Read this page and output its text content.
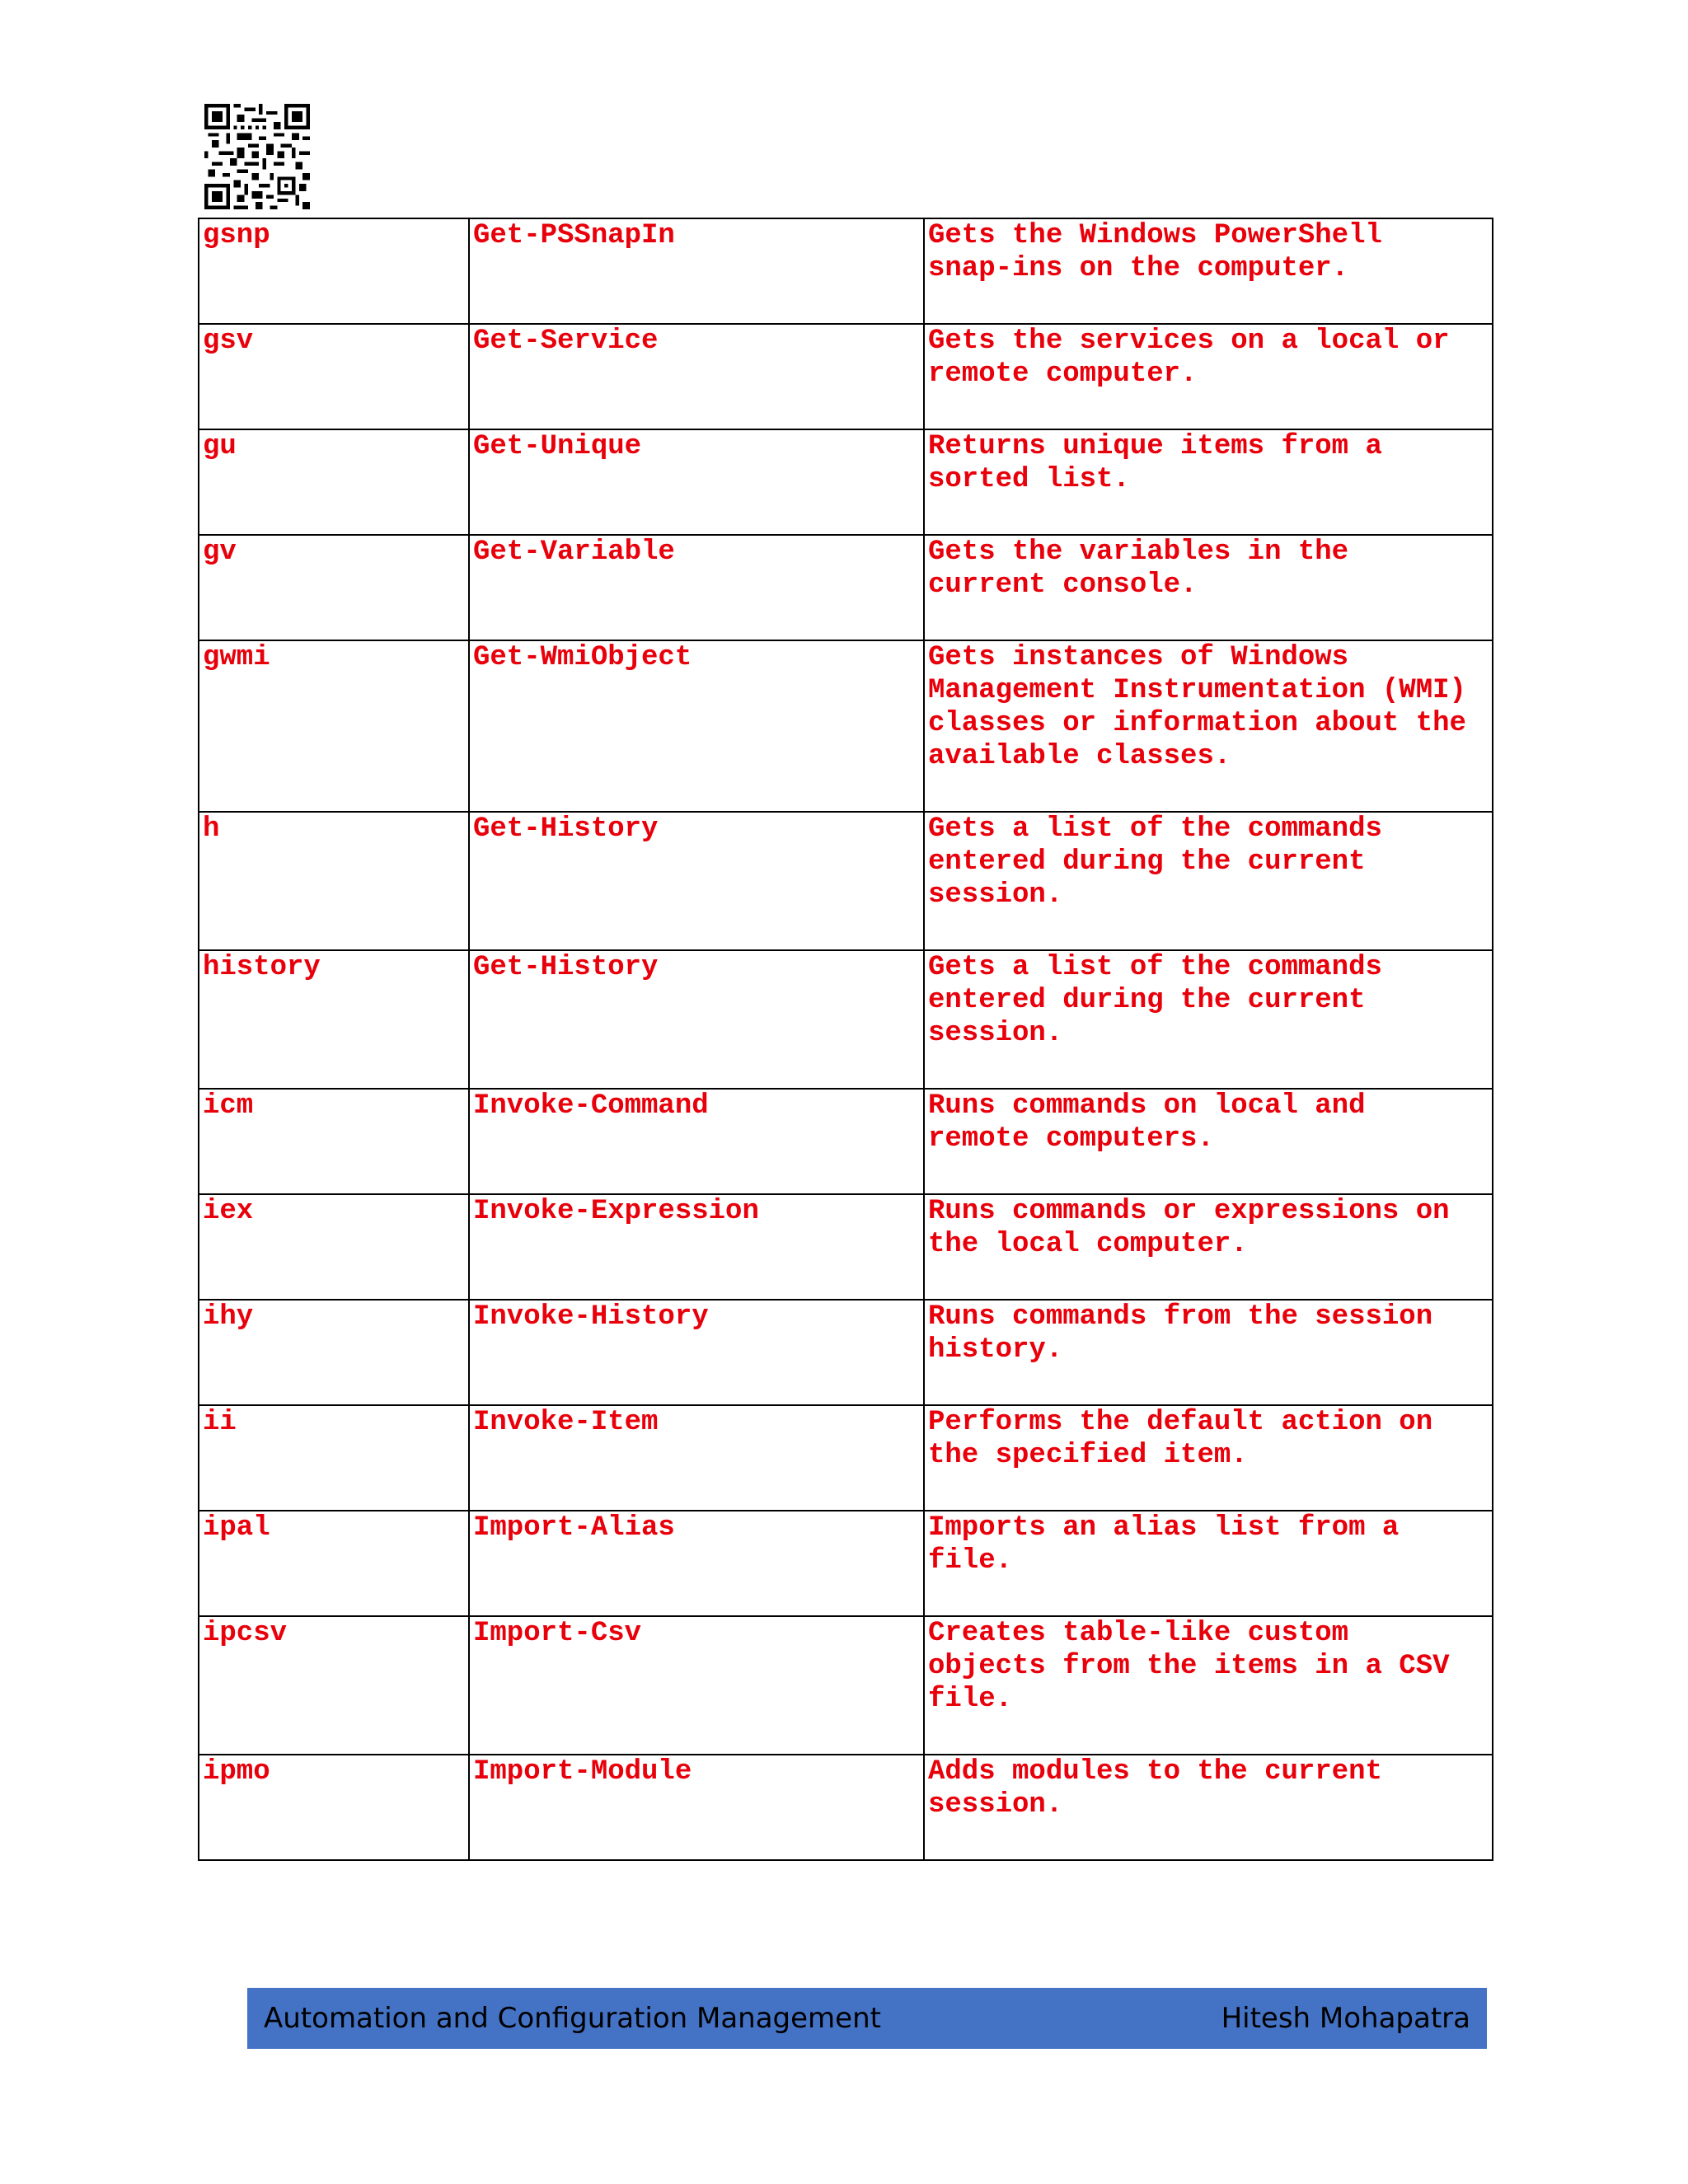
gsnp	Get-PSSnapIn	Gets the Windows PowerShell
snap-ins on the computer.
gsv	Get-Service	Gets the services on a local or
remote computer.
gu	Get-Unique	Returns unique items from a
sorted list.
gv	Get-Variable	Gets the variables in the
current console.
gwmi	Get-WmiObject	Gets instances of Windows
Management Instrumentation (WMI)
classes or information about the
available classes.
h	Get-History	Gets a list of the commands
entered during the current
session.
history	Get-History	Gets a list of the commands
entered during the current
session.
icm	Invoke-Command	Runs commands on local and
remote computers.
iex	Invoke-Expression	Runs commands or expressions on
the local computer.
ihy	Invoke-History	Runs commands from the session
history.
ii	Invoke-Item	Performs the default action on
the specified item.
ipal	Import-Alias	Imports an alias list from a
file.
ipcsv	Import-Csv	Creates table-like custom
objects from the items in a CSV
file.
ipmo	Import-Module	Adds modules to the current
session.
Automation and Configuration Management	Hitesh Mohapatra
